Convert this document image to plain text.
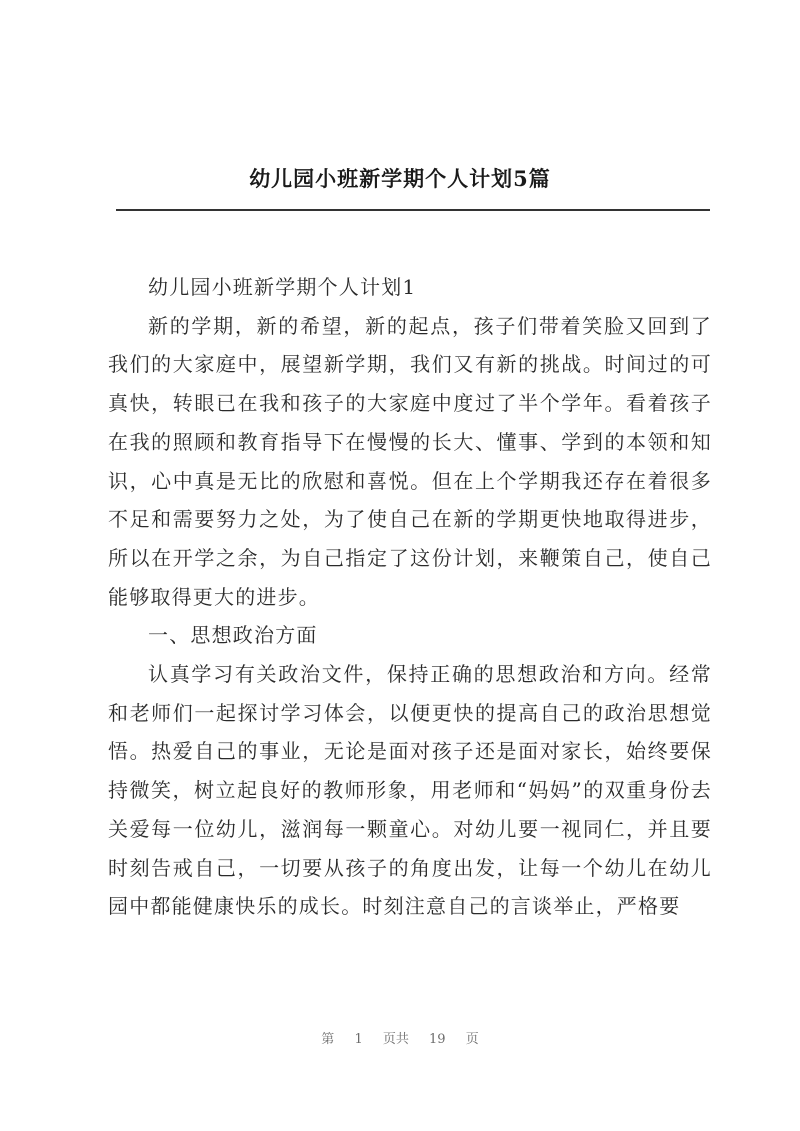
幼儿园小班新学期个人计划5篇

幼儿园小班新学期个人计划1

新的学期，新的希望，新的起点，孩子们带着笑脸又回到了我们的大家庭中，展望新学期，我们又有新的挑战。时间过的可真快，转眼已在我和孩子的大家庭中度过了半个学年。看着孩子在我的照顾和教育指导下在慢慢的长大、懂事、学到的本领和知识，心中真是无比的欣慰和喜悦。但在上个学期我还存在着很多不足和需要努力之处，为了使自己在新的学期更快地取得进步，所以在开学之余，为自己指定了这份计划，来鞭策自己，使自己能够取得更大的进步。

一、思想政治方面

认真学习有关政治文件，保持正确的思想政治和方向。经常和老师们一起探讨学习体会，以便更快的提高自己的政治思想觉悟。热爱自己的事业，无论是面对孩子还是面对家长，始终要保持微笑，树立起良好的教师形象，用老师和“妈妈”的双重身份去关爱每一位幼儿，滋润每一颗童心。对幼儿要一视同仁，并且要时刻告戒自己，一切要从孩子的角度出发，让每一个幼儿在幼儿园中都能健康快乐的成长。时刻注意自己的言谈举止，严格要

第 1 页共 19 页
